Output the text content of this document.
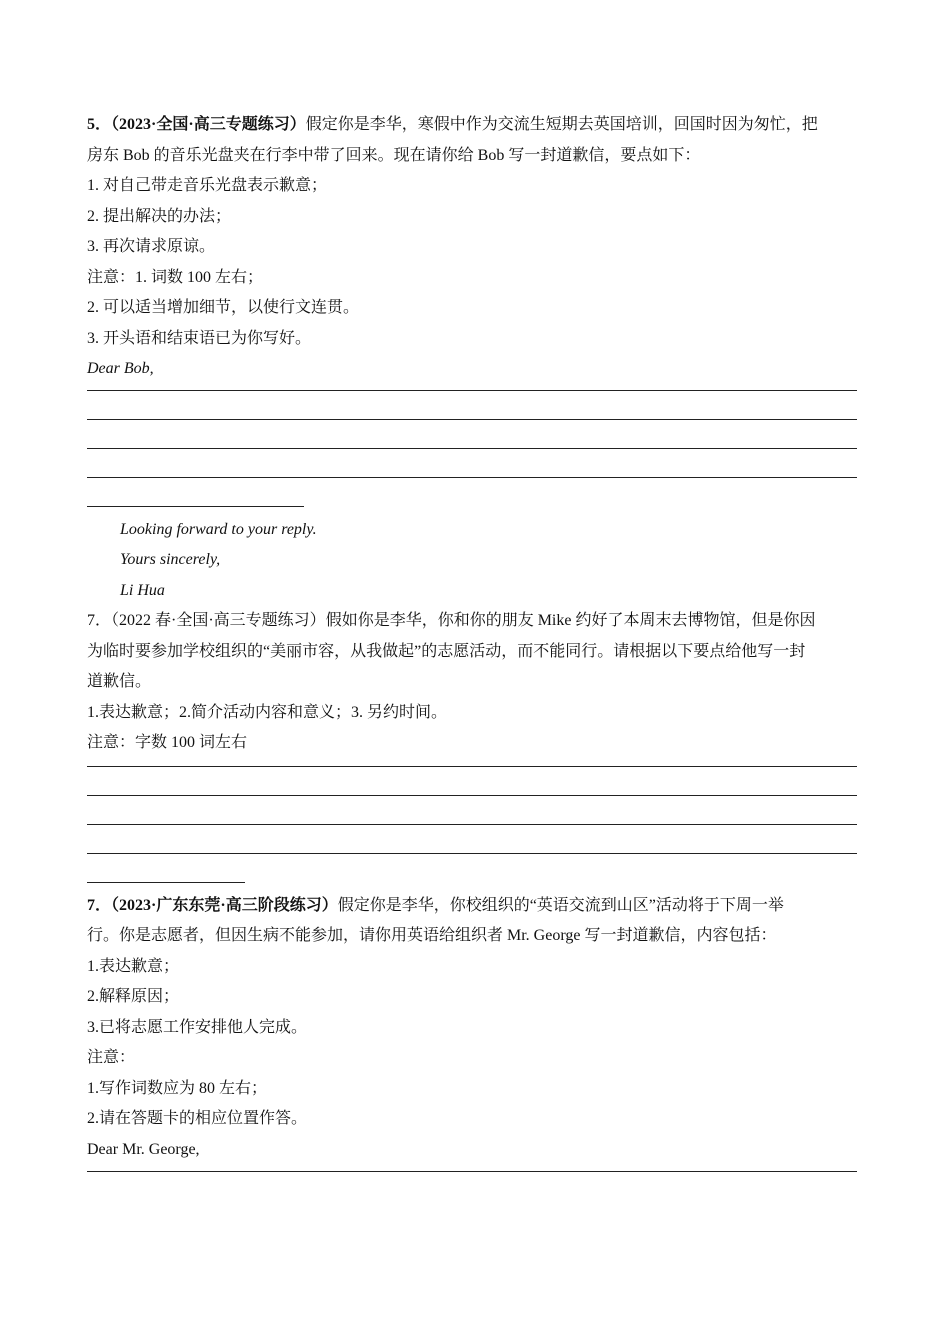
5．（2023·全国·高三专题练习）假定你是李华，寒假中作为交流生短期去英国培训，回国时因为匆忙，把
房东 Bob 的音乐光盘夹在行李中带了回来。现在请你给 Bob 写一封道歉信，要点如下：
1. 对自己带走音乐光盘表示歉意；
2. 提出解决的办法；
3. 再次请求原谅。
注意：1. 词数 100 左右；
2. 可以适当增加细节，以使行文连贯。
3. 开头语和结束语已为你写好。
Dear Bob,
Looking forward to your reply.
Yours sincerely,
Li Hua
7．（2022 春·全国·高三专题练习）假如你是李华，你和你的朋友 Mike 约好了本周末去博物馆，但是你因
为临时要参加学校组织的“美丽市容，从我做起”的志愿活动，而不能同行。请根据以下要点给他写一封
道歉信。
1.表达歉意；2.简介活动内容和意义；3. 另约时间。
注意：字数 100 词左右
7．（2023·广东东莞·高三阶段练习）假定你是李华，你校组织的“英语交流到山区”活动将于下周一举
行。你是志愿者，但因生病不能参加，请你用英语给组织者 Mr. George 写一封道歉信，内容包括：
1.表达歉意；
2.解释原因；
3.已将志愿工作安排他人完成。
注意：
1.写作词数应为 80 左右；
2.请在答题卡的相应位置作答。
Dear Mr. George,
